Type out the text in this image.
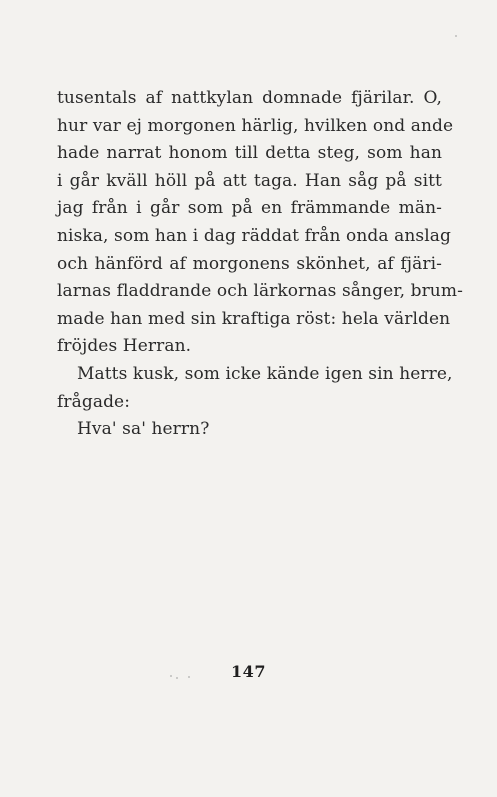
tusentals af nattkylan domnade fjärilar. O,
hur var ej morgonen härlig, hvilken ond ande
hade narrat honom till detta steg, som han
i går kväll höll på att taga. Han såg på sitt
jag från i går som på en främmande män-
niska, som han i dag räddat från onda anslag
och hänförd af morgonens skönhet, af fjäri-
larnas fladdrande och lärkornas sånger, brum-
made han med sin kraftiga röst: hela världen
fröjdes Herran.
Matts kusk, som icke kände igen sin herre,
frågade:
Hva' sa' herrn?
147
